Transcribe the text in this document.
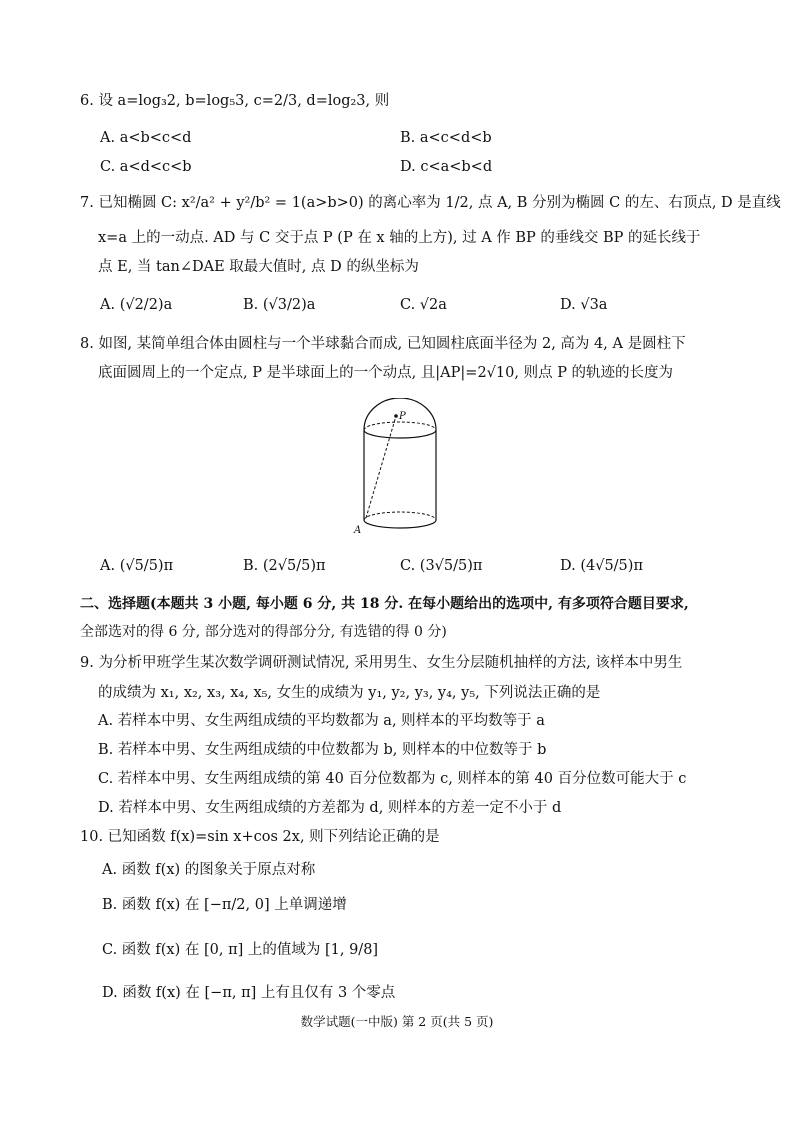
6. 设 a=log₃2, b=log₅3, c=2/3, d=log₂3, 则
A. a<b<c<d	B. a<c<d<b
C. a<d<c<b	D. c<a<b<d
7. 已知椭圆 C: x²/a² + y²/b² = 1(a>b>0) 的离心率为 1/2, 点 A, B 分别为椭圆 C 的左、右顶点, D 是直线
x=a 上的一动点. AD 与 C 交于点 P (P 在 x 轴的上方), 过 A 作 BP 的垂线交 BP 的延长线于
点 E, 当 tan∠DAE 取最大值时, 点 D 的纵坐标为
A. (√2/2)a	B. (√3/2)a	C. √2a	D. √3a
8. 如图, 某简单组合体由圆柱与一个半球黏合而成, 已知圆柱底面半径为 2, 高为 4, A 是圆柱下
底面圆周上的一个定点, P 是半球面上的一个动点, 且|AP|=2√10, 则点 P 的轨迹的长度为
P
A
A. (√5/5)π	B. (2√5/5)π	C. (3√5/5)π	D. (4√5/5)π
二、选择题(本题共 3 小题, 每小题 6 分, 共 18 分. 在每小题给出的选项中, 有多项符合题目要求,
全部选对的得 6 分, 部分选对的得部分分, 有选错的得 0 分)
9. 为分析甲班学生某次数学调研测试情况, 采用男生、女生分层随机抽样的方法, 该样本中男生
的成绩为 x₁, x₂, x₃, x₄, x₅, 女生的成绩为 y₁, y₂, y₃, y₄, y₅, 下列说法正确的是
A. 若样本中男、女生两组成绩的平均数都为 a, 则样本的平均数等于 a
B. 若样本中男、女生两组成绩的中位数都为 b, 则样本的中位数等于 b
C. 若样本中男、女生两组成绩的第 40 百分位数都为 c, 则样本的第 40 百分位数可能大于 c
D. 若样本中男、女生两组成绩的方差都为 d, 则样本的方差一定不小于 d
10. 已知函数 f(x)=sin x+cos 2x, 则下列结论正确的是
A. 函数 f(x) 的图象关于原点对称
B. 函数 f(x) 在 [−π/2, 0] 上单调递增
C. 函数 f(x) 在 [0, π] 上的值域为 [1, 9/8]
D. 函数 f(x) 在 [−π, π] 上有且仅有 3 个零点
数学试题(一中版) 第 2 页(共 5 页)
